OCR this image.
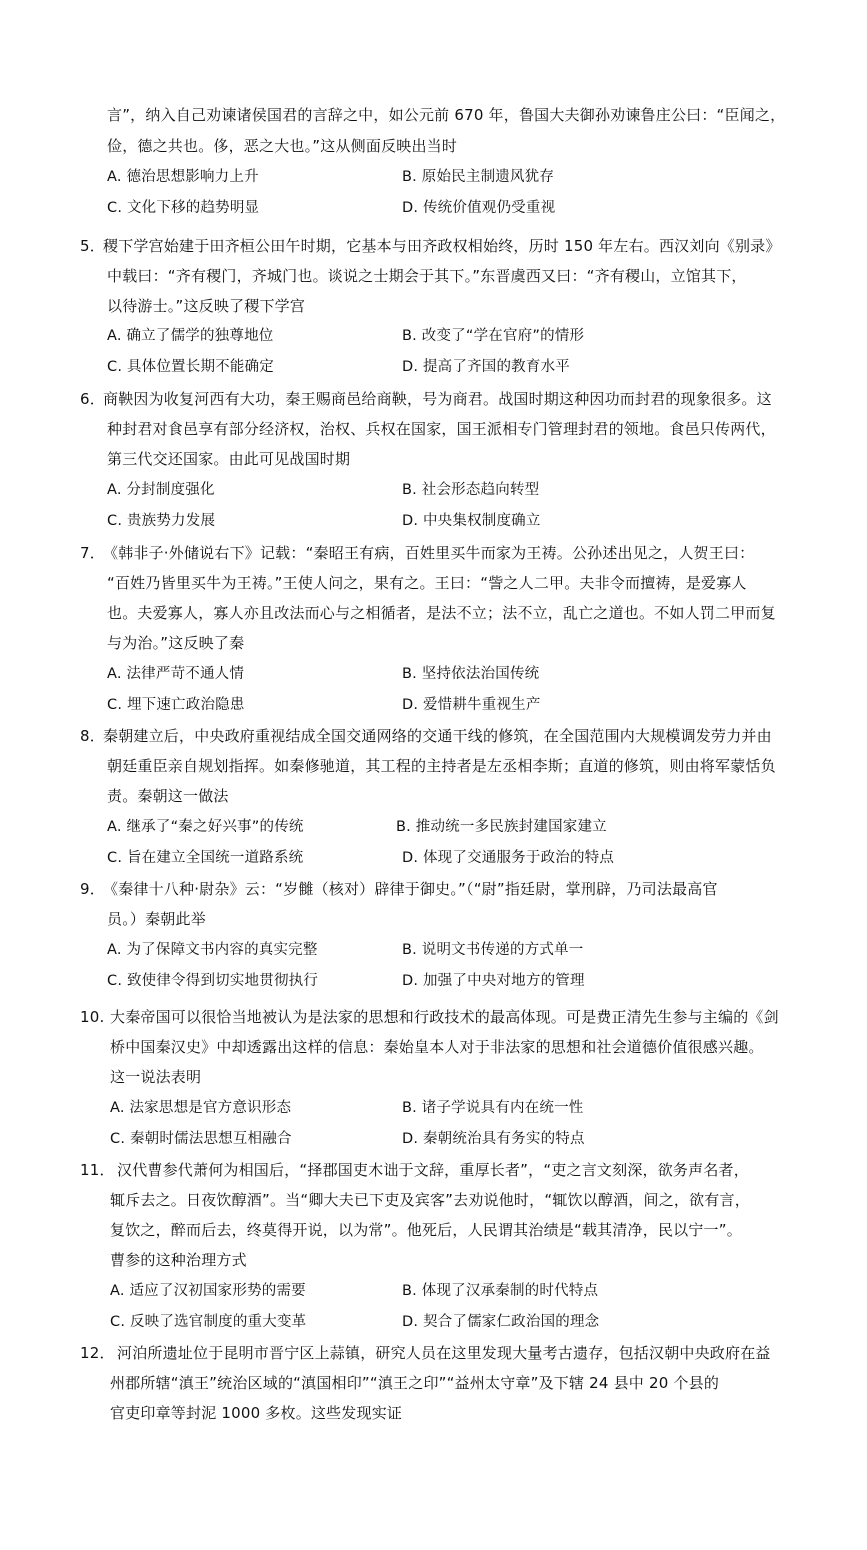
言”，纳入自己劝谏诸侯国君的言辞之中，如公元前 670 年，鲁国大夫御孙劝谏鲁庄公曰：“臣闻之，
俭，德之共也。侈，恶之大也。”这从侧面反映出当时
A. 德治思想影响力上升	B. 原始民主制遗风犹存
C. 文化下移的趋势明显	D. 传统价值观仍受重视
5．
稷下学宫始建于田齐桓公田午时期，它基本与田齐政权相始终，历时 150 年左右。西汉刘向《别录》
中载曰：“齐有稷门，齐城门也。谈说之士期会于其下。”东晋虞西又曰：“齐有稷山，立馆其下，
以待游士。”这反映了稷下学宫
A. 确立了儒学的独尊地位	B. 改变了“学在官府”的情形
C. 具体位置长期不能确定	D. 提高了齐国的教育水平
6．
商鞅因为收复河西有大功，秦王赐商邑给商鞅，号为商君。战国时期这种因功而封君的现象很多。这
种封君对食邑享有部分经济权，治权、兵权在国家，国王派相专门管理封君的领地。食邑只传两代，
第三代交还国家。由此可见战国时期
A. 分封制度强化	B. 社会形态趋向转型
C. 贵族势力发展	D. 中央集权制度确立
7．
《韩非子·外储说右下》记载：“秦昭王有病，百姓里买牛而家为王祷。公孙述出见之，人贺王曰：
“百姓乃皆里买牛为王祷。”王使人问之，果有之。王曰：“訾之人二甲。夫非令而擅祷，是爱寡人
也。夫爱寡人，寡人亦且改法而心与之相循者，是法不立；法不立，乱亡之道也。不如人罚二甲而复
与为治。”这反映了秦
A. 法律严苛不通人情	B. 坚持依法治国传统
C. 埋下速亡政治隐患	D. 爱惜耕牛重视生产
8．
秦朝建立后，中央政府重视结成全国交通网络的交通干线的修筑，在全国范围内大规模调发劳力并由
朝廷重臣亲自规划指挥。如秦修驰道，其工程的主持者是左丞相李斯；直道的修筑，则由将军蒙恬负
责。秦朝这一做法
A. 继承了“秦之好兴事”的传统	B. 推动统一多民族封建国家建立
C. 旨在建立全国统一道路系统	D. 体现了交通服务于政治的特点
9．
《秦律十八种·尉杂》云：“岁雠（核对）辟律于御史。”（“尉”指廷尉，掌刑辟，乃司法最高官
员。）秦朝此举
A. 为了保障文书内容的真实完整	B. 说明文书传递的方式单一
C. 致使律令得到切实地贯彻执行	D. 加强了中央对地方的管理
10. 大秦帝国可以很恰当地被认为是法家的思想和行政技术的最高体现。可是费正清先生参与主编的《剑
桥中国秦汉史》中却透露出这样的信息：秦始皇本人对于非法家的思想和社会道德价值很感兴趣。
这一说法表明
A. 法家思想是官方意识形态	B. 诸子学说具有内在统一性
C. 秦朝时儒法思想互相融合	D. 秦朝统治具有务实的特点
11． 汉代曹参代萧何为相国后，“择郡国吏木诎于文辞，重厚长者”，“吏之言文刻深，欲务声名者，
辄斥去之。日夜饮醇酒”。当“卿大夫已下吏及宾客”去劝说他时，“辄饮以醇酒，间之，欲有言，
复饮之，醉而后去，终莫得开说，以为常”。他死后，人民谓其治绩是“载其清净，民以宁一”。
曹参的这种治理方式
A. 适应了汉初国家形势的需要	B. 体现了汉承秦制的时代特点
C. 反映了选官制度的重大变革	D. 契合了儒家仁政治国的理念
12． 河泊所遗址位于昆明市晋宁区上蒜镇，研究人员在这里发现大量考古遗存，包括汉朝中央政府在益
州郡所辖“滇王”统治区域的“滇国相印”“滇王之印”“益州太守章”及下辖 24 县中 20 个县的
官吏印章等封泥 1000 多枚。这些发现实证
